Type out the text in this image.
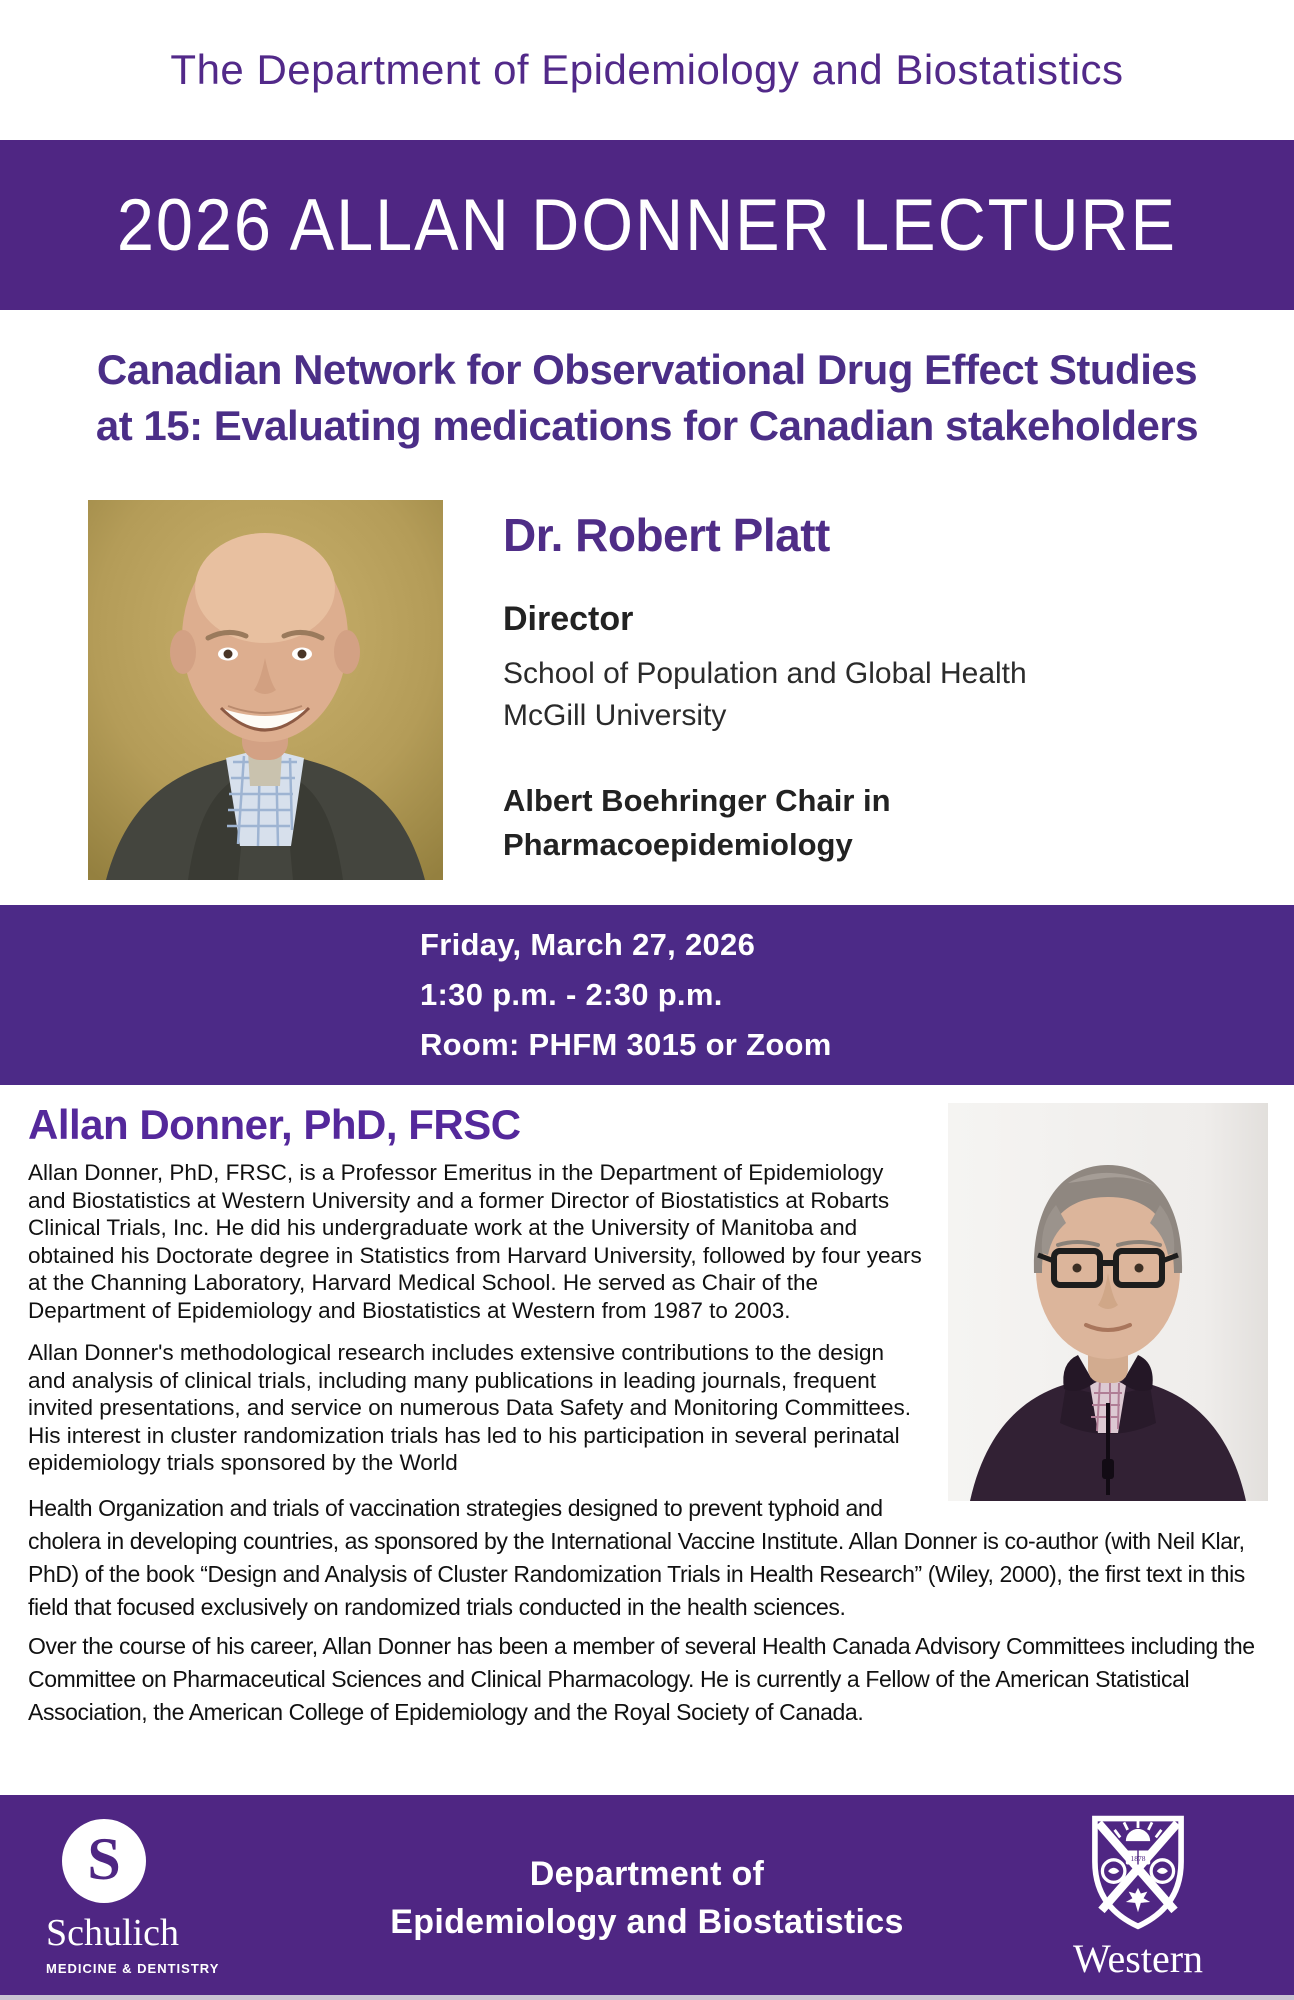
The Department of Epidemiology and Biostatistics
2026 ALLAN DONNER LECTURE
Canadian Network for Observational Drug Effect Studies
at 15: Evaluating medications for Canadian stakeholders
Dr. Robert Platt
Director
School of Population and Global Health
McGill University
Albert Boehringer Chair in
Pharmacoepidemiology
Friday, March 27, 2026
1:30 p.m. - 2:30 p.m.
Room: PHFM 3015 or Zoom
Allan Donner, PhD, FRSC

Allan Donner, PhD, FRSC, is a Professor Emeritus in the Department of Epidemiology and Biostatistics at Western University and a former Director of Biostatistics at Robarts Clinical Trials, Inc. He did his undergraduate work at the University of Manitoba and obtained his Doctorate degree in Statistics from Harvard University, followed by four years at the Channing Laboratory, Harvard Medical School. He served as Chair of the Department of Epidemiology and Biostatistics at Western from 1987 to 2003.

Allan Donner's methodological research includes extensive contributions to the design and analysis of clinical trials, including many publications in leading journals, frequent invited presentations, and service on numerous Data Safety and Monitoring Committees. His interest in cluster randomization trials has led to his participation in several perinatal epidemiology trials sponsored by the World

Health Organization and trials of vaccination strategies designed to prevent typhoid and cholera in developing countries, as sponsored by the International Vaccine Institute. Allan Donner is co-author (with Neil Klar, PhD) of the book “Design and Analysis of Cluster Randomization Trials in Health Research” (Wiley, 2000), the first text in this field that focused exclusively on randomized trials conducted in the health sciences.

Over the course of his career, Allan Donner has been a member of several Health Canada Advisory Committees including the Committee on Pharmaceutical Sciences and Clinical Pharmacology. He is currently a Fellow of the American Statistical Association, the American College of Epidemiology and the Royal Society of Canada.

S
Schulich
MEDICINE & DENTISTRY
Department of
Epidemiology and Biostatistics
1878
Western
